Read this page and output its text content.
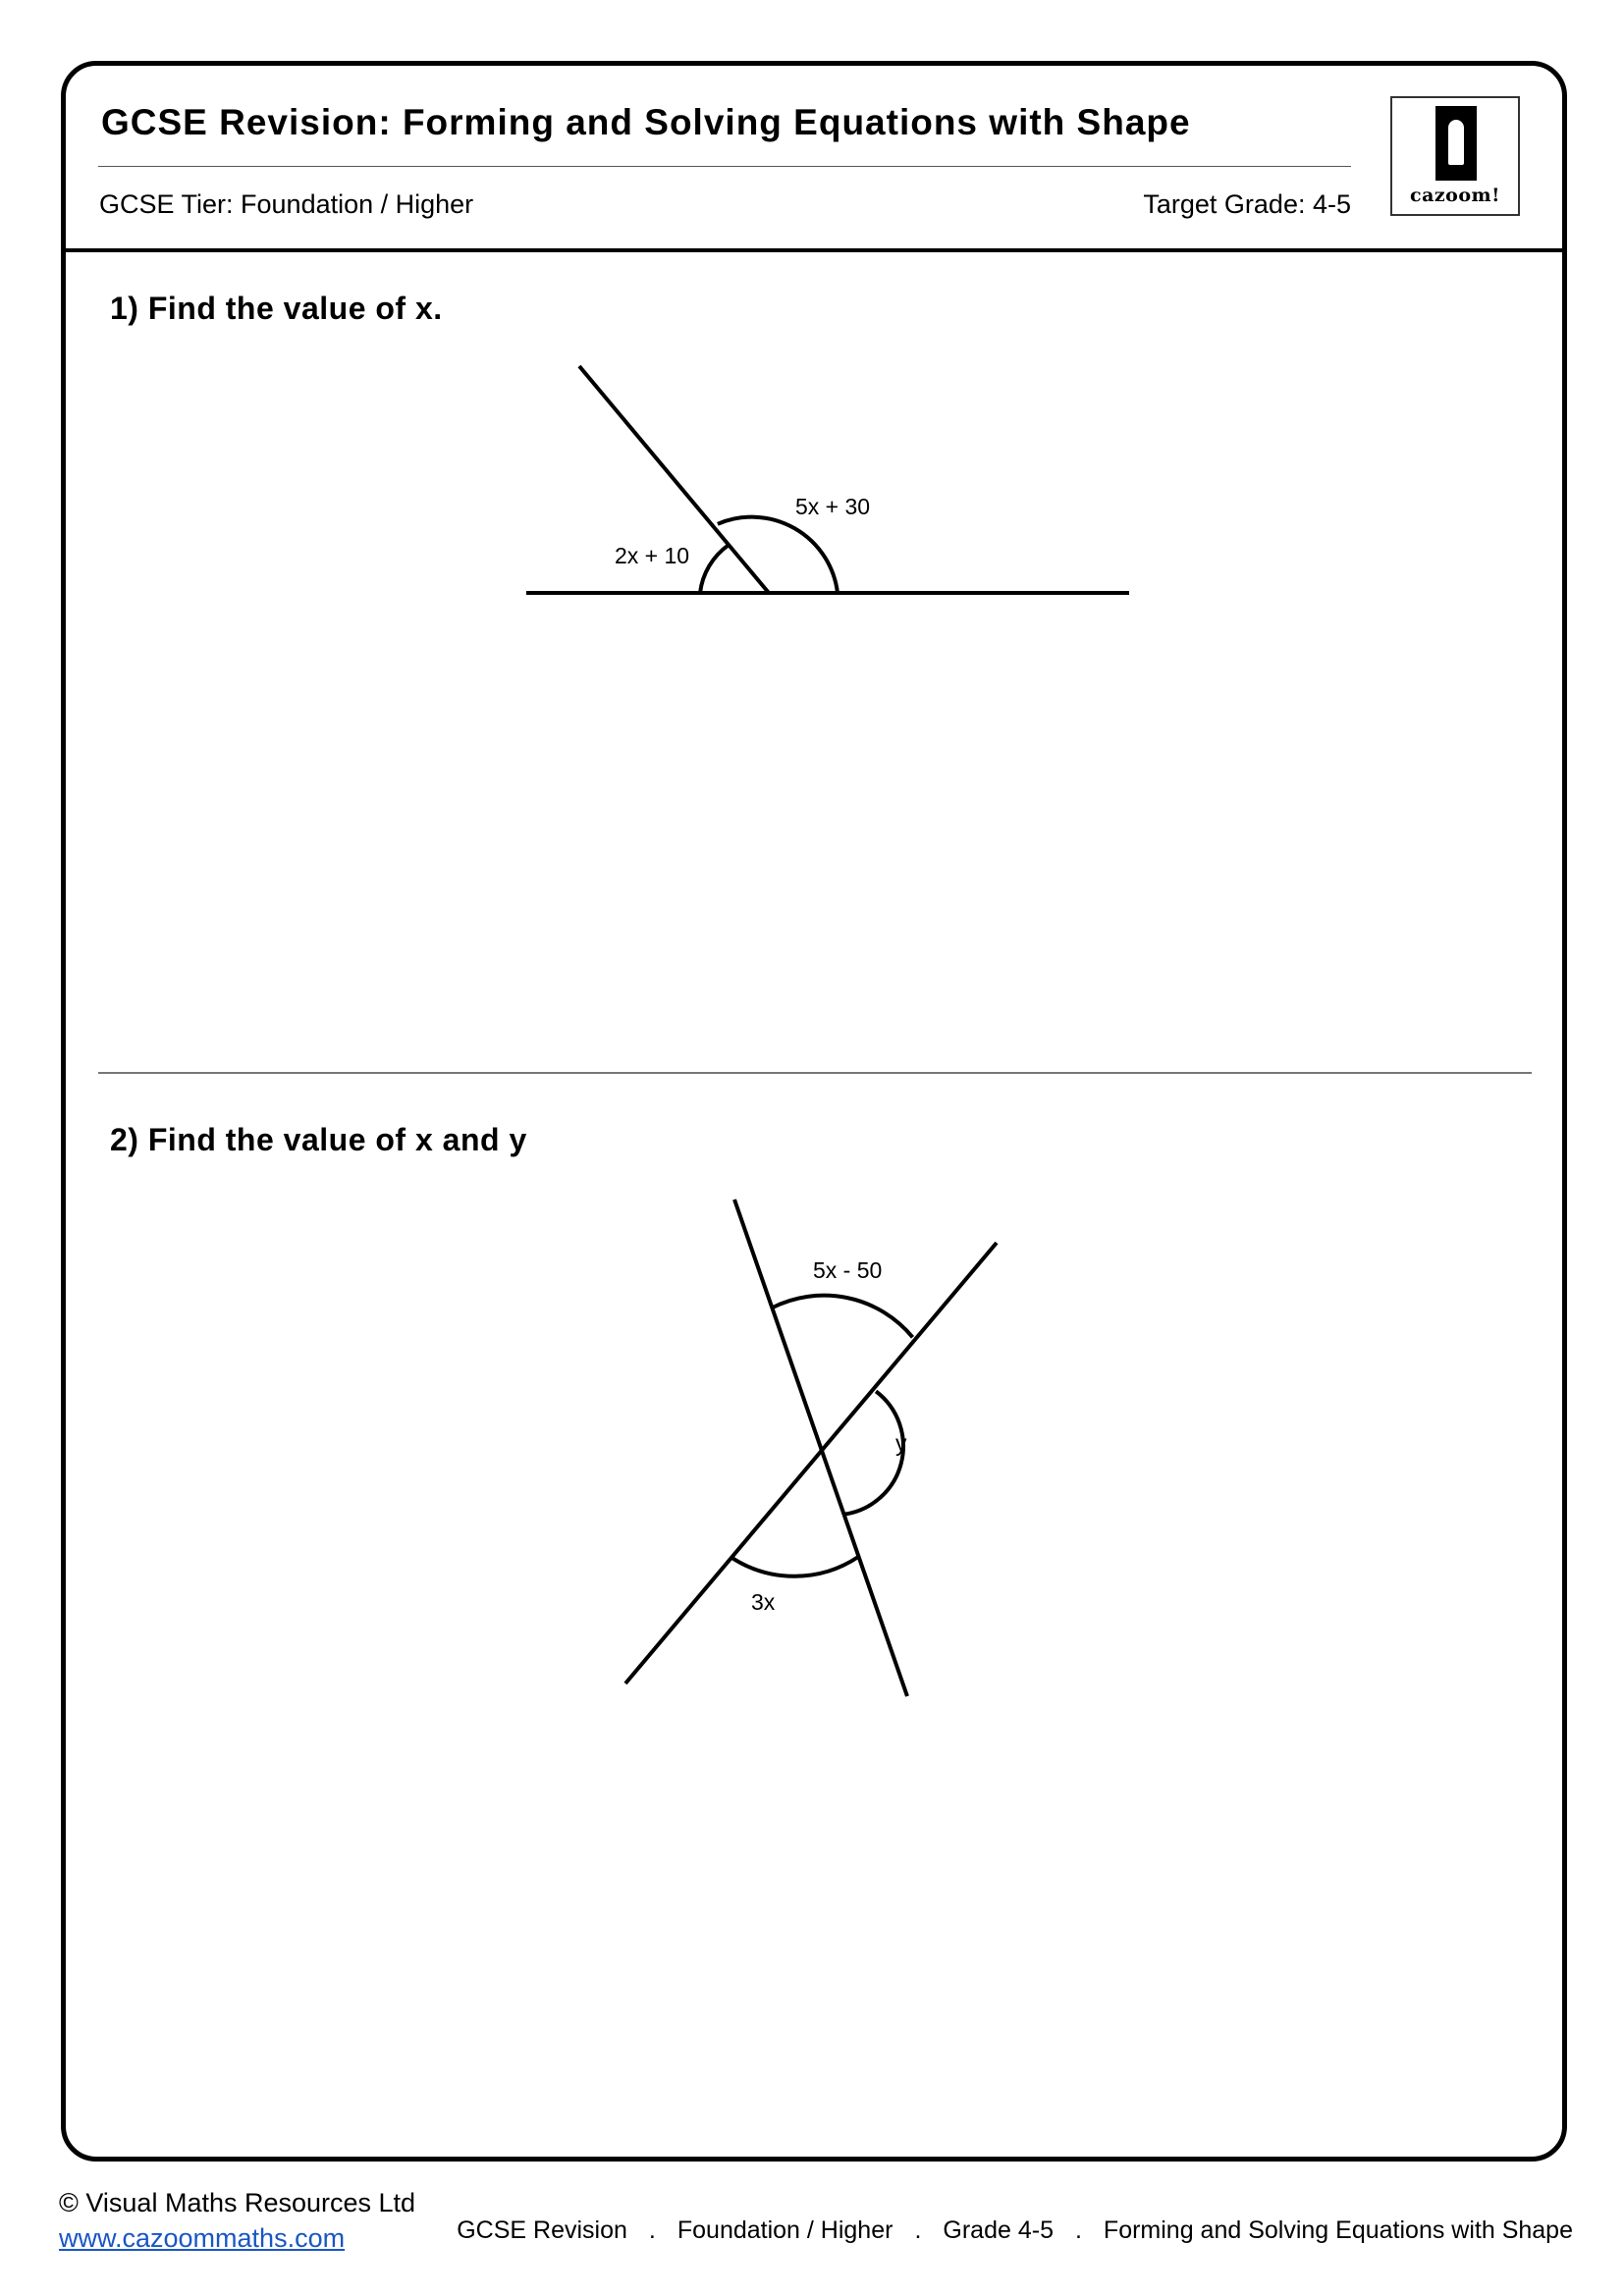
GCSE Revision: Forming and Solving Equations with Shape
GCSE Tier: Foundation / Higher	Target Grade: 4-5	cazoom!
1) Find the value of x.
2x + 10
5x + 30
2) Find the value of x and y
5x - 50
y
3x
© Visual Maths Resources Ltd
www.cazoommaths.com	GCSE Revision . Foundation / Higher . Grade 4-5 . Forming and Solving Equations with Shape
